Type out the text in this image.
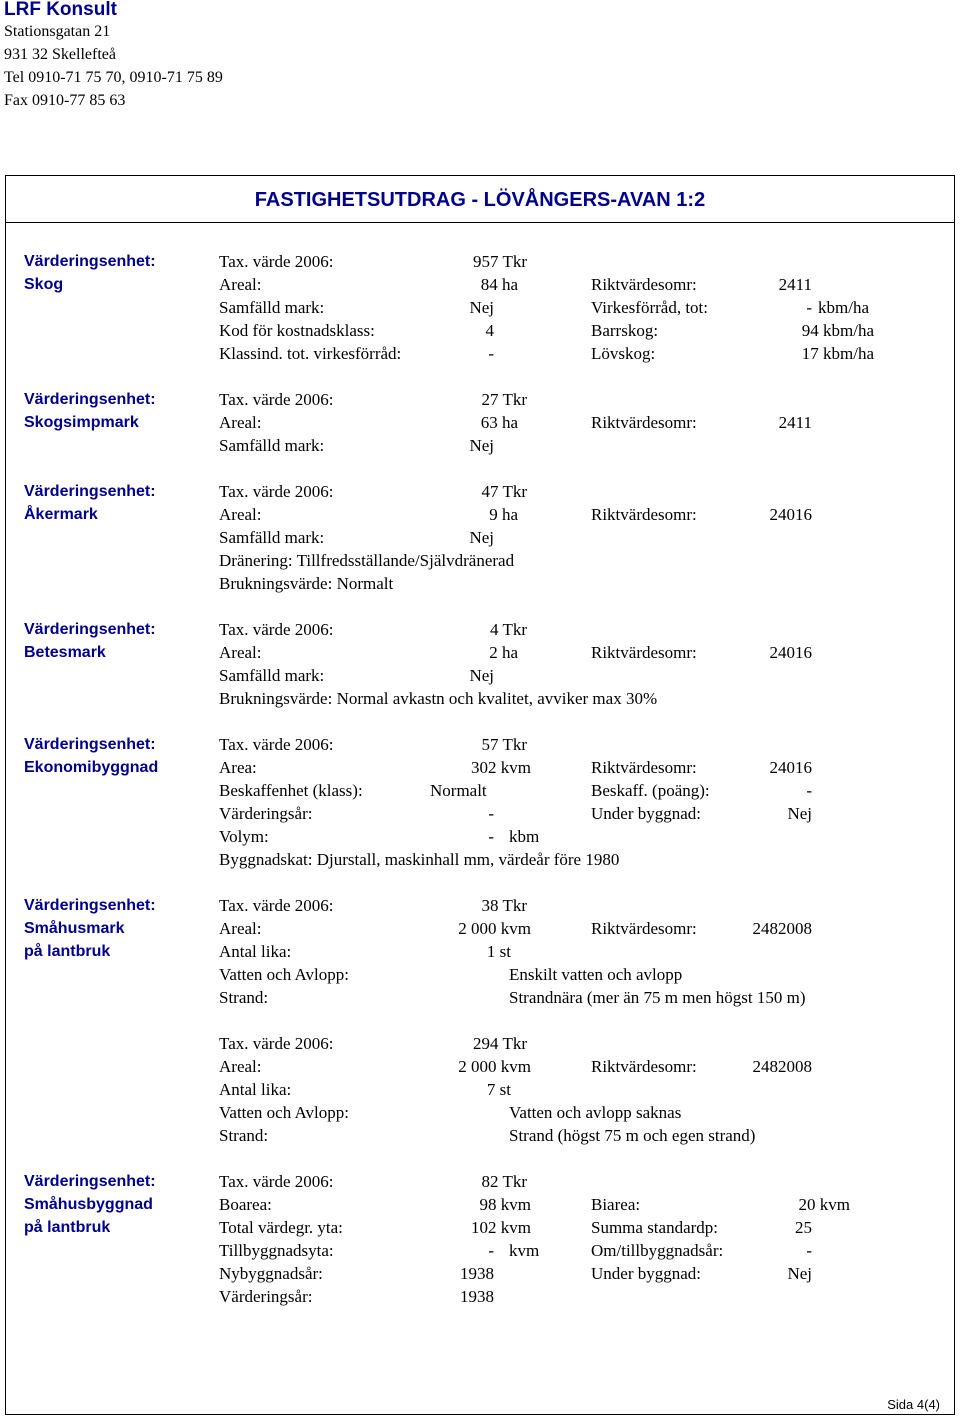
LRF Konsult
Stationsgatan 21
931 32 Skellefteå
Tel 0910-71 75 70, 0910-71 75 89
Fax 0910-77 85 63
FASTIGHETSUTDRAG - LÖVÅNGERS-AVAN 1:2
Värderingsenhet:
Skog
Tax. värde 2006:	957 Tkr
Areal:	84 ha	Riktvärdesomr:	2411
Samfälld mark:	Nej	Virkesförråd, tot:	- kbm/ha
Kod för kostnadsklass:	4	Barrskog:	94 kbm/ha
Klassind. tot. virkesförråd:	-	Lövskog:	17 kbm/ha
Värderingsenhet:
Skogsimpmark
Tax. värde 2006:	27 Tkr
Areal:	63 ha	Riktvärdesomr:	2411
Samfälld mark:	Nej
Värderingsenhet:
Åkermark
Tax. värde 2006:	47 Tkr
Areal:	9 ha	Riktvärdesomr:	24016
Samfälld mark:	Nej
Dränering: Tillfredsställande/Självdränerad
Brukningsvärde: Normalt
Värderingsenhet:
Betesmark
Tax. värde 2006:	4 Tkr
Areal:	2 ha	Riktvärdesomr:	24016
Samfälld mark:	Nej
Brukningsvärde: Normal avkastn och kvalitet, avviker max 30%
Värderingsenhet:
Ekonomibyggnad
Tax. värde 2006:	57 Tkr
Area:	302 kvm	Riktvärdesomr:	24016
Beskaffenhet (klass):	Normalt	Beskaff. (poäng):	-
Värderingsår:	-	Under byggnad:	Nej
Volym:	- kbm
Byggnadskat: Djurstall, maskinhall mm, värdeår före 1980
Värderingsenhet:
Småhusmark
på lantbruk
Tax. värde 2006:	38 Tkr
Areal:	2 000 kvm	Riktvärdesomr:	2482008
Antal lika:	1 st
Vatten och Avlopp:	Enskilt vatten och avlopp
Strand:	Strandnära (mer än 75 m men högst 150 m)
Tax. värde 2006:	294 Tkr
Areal:	2 000 kvm	Riktvärdesomr:	2482008
Antal lika:	7 st
Vatten och Avlopp:	Vatten och avlopp saknas
Strand:	Strand (högst 75 m och egen strand)
Värderingsenhet:
Småhusbyggnad
på lantbruk
Tax. värde 2006:	82 Tkr
Boarea:	98 kvm	Biarea:	20 kvm
Total värdegr. yta:	102 kvm	Summa standardp:	25
Tillbyggnadsyta:	- kvm	Om/tillbyggnadsår:	-
Nybyggnadsår:	1938	Under byggnad:	Nej
Värderingsår:	1938
Sida 4(4)
